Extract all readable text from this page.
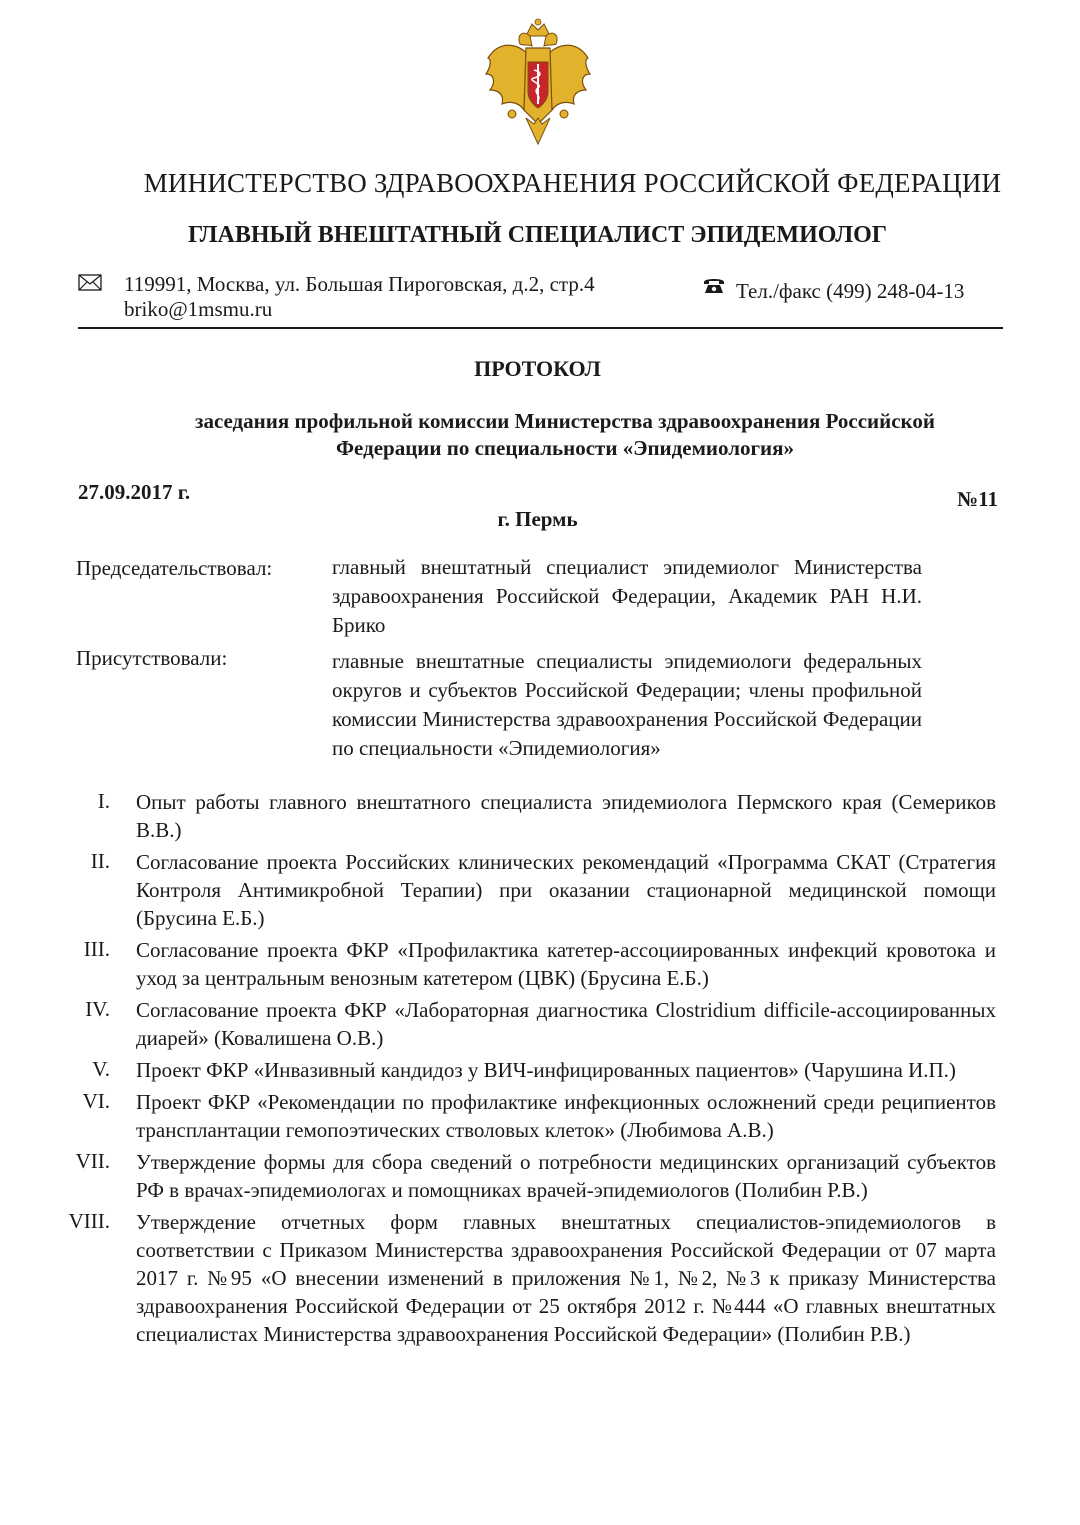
МИНИСТЕРСТВО ЗДРАВООХРАНЕНИЯ РОССИЙСКОЙ ФЕДЕРАЦИИ
ГЛАВНЫЙ ВНЕШТАТНЫЙ СПЕЦИАЛИСТ ЭПИДЕМИОЛОГ
119991, Москва, ул. Большая Пироговская, д.2, стр.4
briko@1msmu.ru
Тел./факс (499) 248-04-13
ПРОТОКОЛ
заседания профильной комиссии Министерства здравоохранения Российской
Федерации по специальности «Эпидемиология»
27.09.2017 г.	№11
г. Пермь
Председательствовал:	главный внештатный специалист эпидемиолог Министерства здравоохранения Российской Федерации, Академик РАН Н.И. Брико
Присутствовали:	главные внештатные специалисты эпидемиологи федеральных округов и субъектов Российской Федерации; члены профильной комиссии Министерства здравоохранения Российской Федерации по специальности «Эпидемиология»
I. Опыт работы главного внештатного специалиста эпидемиолога Пермского края (Семериков В.В.)
II. Согласование проекта Российских клинических рекомендаций «Программа СКАТ (Стратегия Контроля Антимикробной Терапии) при оказании стационарной медицинской помощи (Брусина Е.Б.)
III. Согласование проекта ФКР «Профилактика катетер-ассоциированных инфекций кровотока и уход за центральным венозным катетером (ЦВК) (Брусина Е.Б.)
IV. Согласование проекта ФКР «Лабораторная диагностика Clostridium difficile-ассоциированных диарей» (Ковалишена О.В.)
V. Проект ФКР «Инвазивный кандидоз у ВИЧ-инфицированных пациентов» (Чарушина И.П.)
VI. Проект ФКР «Рекомендации по профилактике инфекционных осложнений среди реципиентов трансплантации гемопоэтических стволовых клеток» (Любимова А.В.)
VII. Утверждение формы для сбора сведений о потребности медицинских организаций субъектов РФ в врачах-эпидемиологах и помощниках врачей-эпидемиологов (Полибин Р.В.)
VIII. Утверждение отчетных форм главных внештатных специалистов-эпидемиологов в соответствии с Приказом Министерства здравоохранения Российской Федерации от 07 марта 2017 г. №95 «О внесении изменений в приложения №1, №2, №3 к приказу Министерства здравоохранения Российской Федерации от 25 октября 2012 г. №444 «О главных внештатных специалистах Министерства здравоохранения Российской Федерации» (Полибин Р.В.)
